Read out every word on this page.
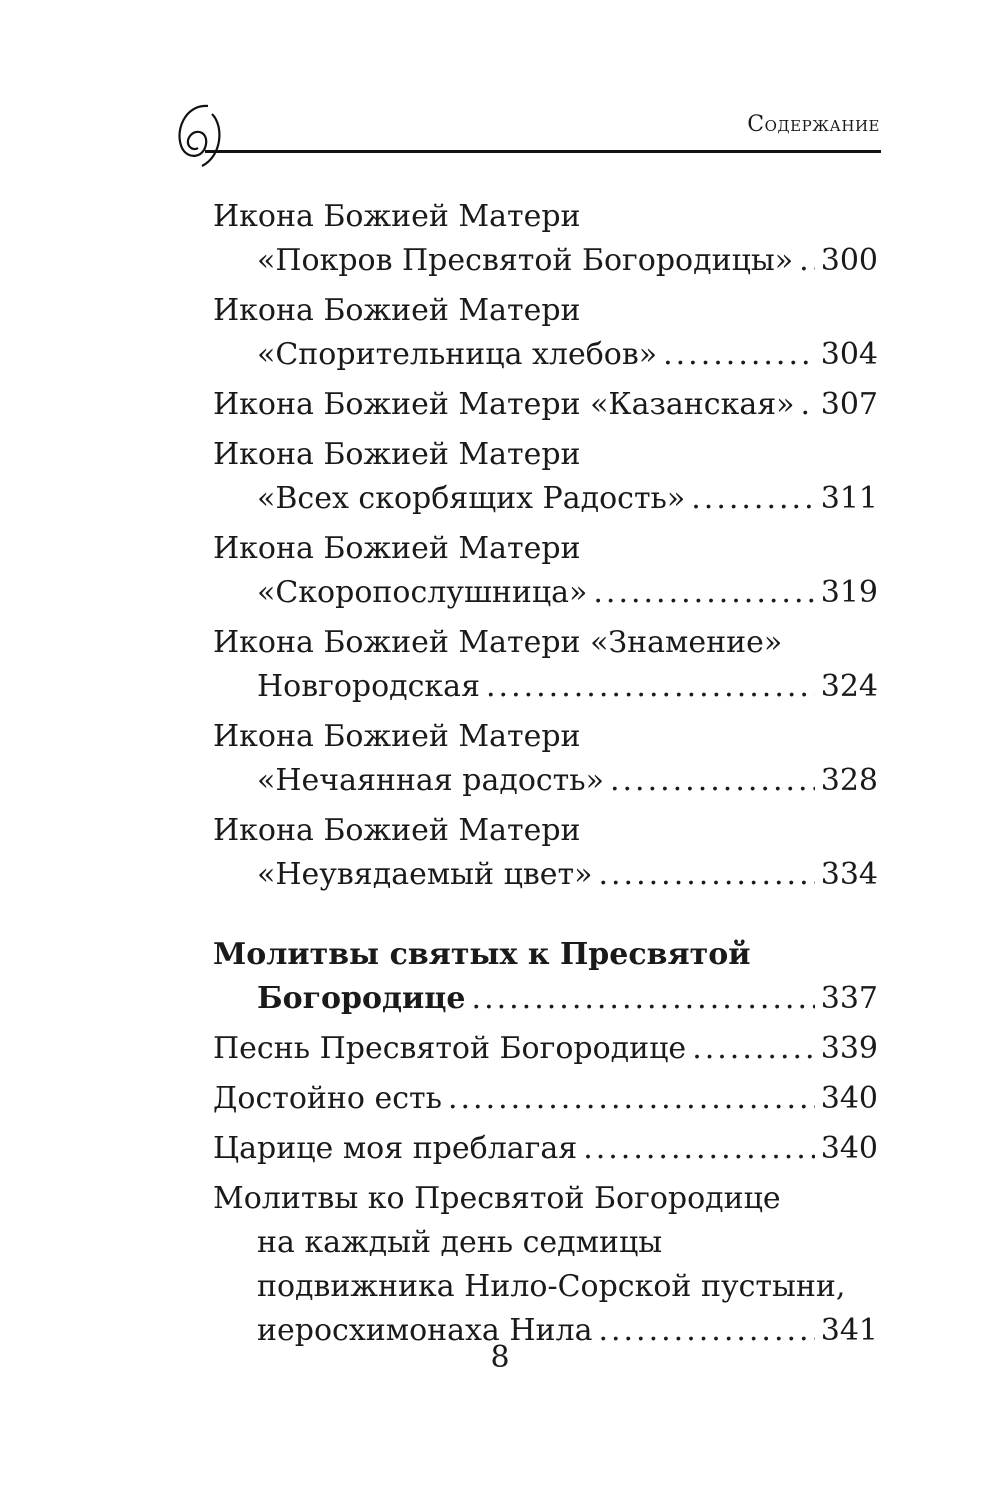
Содержание
Икона Божией Матери
«Покров Пресвятой Богородицы» ..... 300
Икона Божией Матери
«Спорительница хлебов» .....	304
Икона Божией Матери «Казанская» ..... 307
Икона Божией Матери
«Всех скорбящих Радость» .....	311
Икона Божией Матери
«Скоропослушница» .....	319
Икона Божией Матери «Знамение»
Новгородская .....	324
Икона Божией Матери
«Нечаянная радость» .....	328
Икона Божией Матери
«Неувядаемый цвет» .....	334
Молитвы святых к Пресвятой
Богородице .....	337
Песнь Пресвятой Богородице .....	339
Достойно есть .....	340
Царице моя преблагая .....	340
Молитвы ко Пресвятой Богородице
на каждый день седмицы
подвижника Нило-Сорской пустыни,
иеросхимонаха Нила .....	341
8
